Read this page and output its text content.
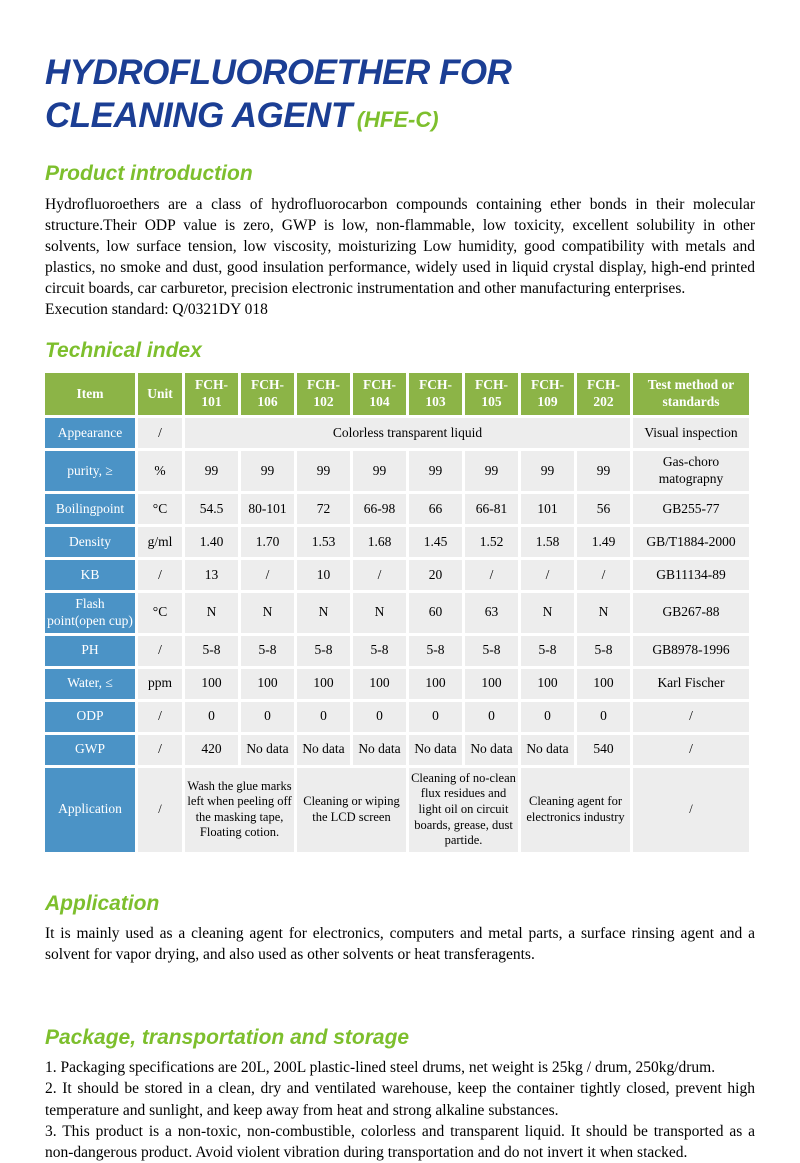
HYDROFLUOROETHER FOR
CLEANING AGENT (HFE-C)
Product introduction

Hydrofluoroethers are a class of hydrofluorocarbon compounds containing ether bonds in their molecular structure.Their ODP value is zero, GWP is low, non-flammable, low toxicity, excellent solubility in other solvents, low surface tension, low viscosity, moisturizing Low humidity, good compatibility with metals and plastics, no smoke and dust, good insulation performance, widely used in liquid crystal display, high-end printed circuit boards, car carburetor, precision electronic instrumentation and other manufacturing enterprises.

Execution standard: Q/0321DY 018

Technical index
Item	Unit	FCH-101	FCH-106	FCH-102	FCH-104	FCH-103	FCH-105	FCH-109	FCH-202	Test method or standards
Appearance	/	Colorless transparent liquid								Visual inspection
purity, ≥	%	99	99	99	99	99	99	99	99	Gas-choro matograpny
Boilingpoint	°C	54.5	80-101	72	66-98	66	66-81	101	56	GB255-77
Density	g/ml	1.40	1.70	1.53	1.68	1.45	1.52	1.58	1.49	GB/T1884-2000
KB	/	13	/	10	/	20	/	/	/	GB11134-89
Flash point(open cup)	°C	N	N	N	N	60	63	N	N	GB267-88
PH	/	5-8	5-8	5-8	5-8	5-8	5-8	5-8	5-8	GB8978-1996
Water, ≤	ppm	100	100	100	100	100	100	100	100	Karl Fischer
ODP	/	0	0	0	0	0	0	0	0	/
GWP	/	420	No data	No data	No data	No data	No data	No data	540	/
Application	/	Wash the glue marks left when peeling off the masking tape, Floating cotion.		Cleaning or wiping the LCD screen		Cleaning of no-clean flux residues and light oil on circuit boards, grease, dust partide.		Cleaning agent for electronics industry		/
Application

It is mainly used as a cleaning agent for electronics, computers and metal parts, a surface rinsing agent and a solvent for vapor drying, and also used as other solvents or heat transferagents.

Package, transportation and storage

1. Packaging specifications are 20L, 200L plastic-lined steel drums, net weight is 25kg / drum, 250kg/drum.

2. It should be stored in a clean, dry and ventilated warehouse, keep the container tightly closed, prevent high temperature and sunlight, and keep away from heat and strong alkaline substances.

3. This product is a non-toxic, non-combustible, colorless and transparent liquid. It should be transported as a non-dangerous product. Avoid violent vibration during transportation and do not invert it when stacked.
